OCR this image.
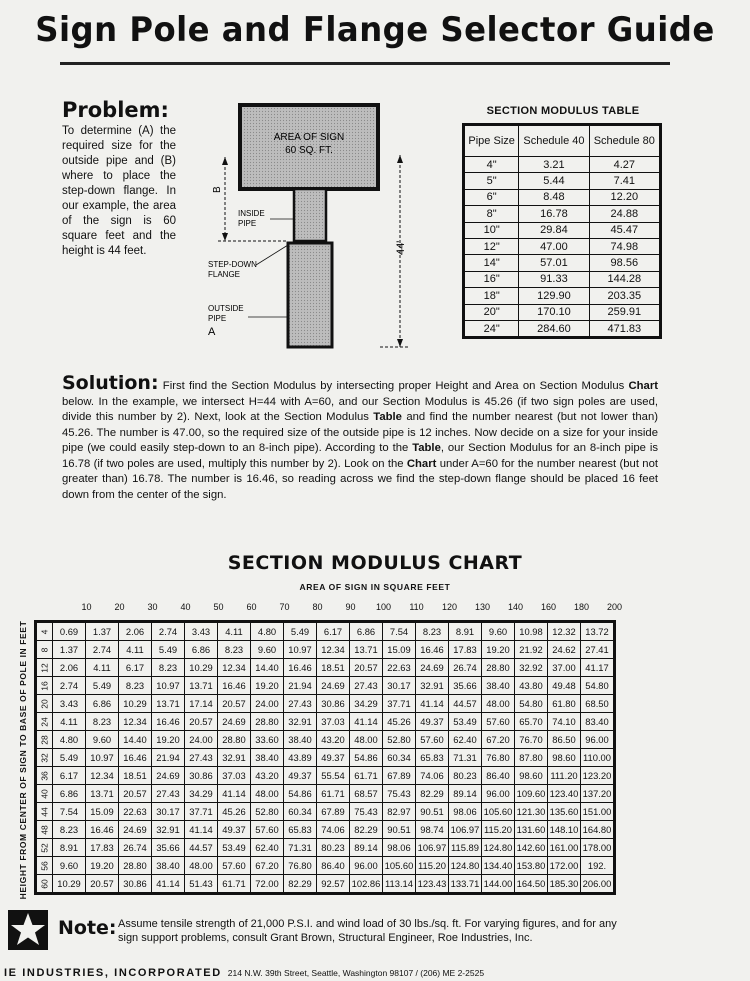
Sign Pole and Flange Selector Guide
Problem:
To determine (A) the required size for the outside pipe and (B) where to place the step-down flange. In our example, the area of the sign is 60 square feet and the height is 44 feet.
AREA OF SIGN
60 SQ. FT.
B
INSIDE
PIPE
STEP-DOWN
FLANGE
OUTSIDE
PIPE
A
44'
SECTION MODULUS TABLE
Pipe Size	Schedule 40	Schedule 80
4"	3.21	4.27
5"	5.44	7.41
6"	8.48	12.20
8"	16.78	24.88
10"	29.84	45.47
12"	47.00	74.98
14"	57.01	98.56
16"	91.33	144.28
18"	129.90	203.35
20"	170.10	259.91
24"	284.60	471.83
Solution: First find the Section Modulus by intersecting proper Height and Area on Section Modulus Chart below. In the example, we intersect H=44 with A=60, and our Section Modulus is 45.26 (if two sign poles are used, divide this number by 2). Next, look at the Section Modulus Table and find the number nearest (but not lower than) 45.26. The number is 47.00, so the required size of the outside pipe is 12 inches. Now decide on a size for your inside pipe (we could easily step-down to an 8-inch pipe). According to the Table, our Section Modulus for an 8-inch pipe is 16.78 (if two poles are used, multiply this number by 2). Look on the Chart under A=60 for the number nearest (but not greater than) 16.78. The number is 16.46, so reading across we find the step-down flange should be placed 16 feet down from the center of the sign.
SECTION MODULUS CHART
AREA OF SIGN IN SQUARE FEET
10	20	30	40	50	60	70	80	90	100	110	120	130	140	160	180	200
HEIGHT FROM CENTER OF SIGN TO BASE OF POLE IN FEET 4	0.69	1.37	2.06	2.74	3.43	4.11	4.80	5.49	6.17	6.86	7.54	8.23	8.91	9.60	10.98	12.32	13.72
8	1.37	2.74	4.11	5.49	6.86	8.23	9.60	10.97	12.34	13.71	15.09	16.46	17.83	19.20	21.92	24.62	27.41
12	2.06	4.11	6.17	8.23	10.29	12.34	14.40	16.46	18.51	20.57	22.63	24.69	26.74	28.80	32.92	37.00	41.17
16	2.74	5.49	8.23	10.97	13.71	16.46	19.20	21.94	24.69	27.43	30.17	32.91	35.66	38.40	43.80	49.48	54.80
20	3.43	6.86	10.29	13.71	17.14	20.57	24.00	27.43	30.86	34.29	37.71	41.14	44.57	48.00	54.80	61.80	68.50
24	4.11	8.23	12.34	16.46	20.57	24.69	28.80	32.91	37.03	41.14	45.26	49.37	53.49	57.60	65.70	74.10	83.40
28	4.80	9.60	14.40	19.20	24.00	28.80	33.60	38.40	43.20	48.00	52.80	57.60	62.40	67.20	76.70	86.50	96.00
32	5.49	10.97	16.46	21.94	27.43	32.91	38.40	43.89	49.37	54.86	60.34	65.83	71.31	76.80	87.80	98.60	110.00
36	6.17	12.34	18.51	24.69	30.86	37.03	43.20	49.37	55.54	61.71	67.89	74.06	80.23	86.40	98.60	111.20	123.20
40	6.86	13.71	20.57	27.43	34.29	41.14	48.00	54.86	61.71	68.57	75.43	82.29	89.14	96.00	109.60	123.40	137.20
44	7.54	15.09	22.63	30.17	37.71	45.26	52.80	60.34	67.89	75.43	82.97	90.51	98.06	105.60	121.30	135.60	151.00
48	8.23	16.46	24.69	32.91	41.14	49.37	57.60	65.83	74.06	82.29	90.51	98.74	106.97	115.20	131.60	148.10	164.80
52	8.91	17.83	26.74	35.66	44.57	53.49	62.40	71.31	80.23	89.14	98.06	106.97	115.89	124.80	142.60	161.00	178.00
56	9.60	19.20	28.80	38.40	48.00	57.60	67.20	76.80	86.40	96.00	105.60	115.20	124.80	134.40	153.80	172.00	192.
60	10.29	20.57	30.86	41.14	51.43	61.71	72.00	82.29	92.57	102.86	113.14	123.43	133.71	144.00	164.50	185.30	206.00
Note: Assume tensile strength of 21,000 P.S.I. and wind load of 30 lbs./sq. ft. For varying figures, and for any sign support problems, consult Grant Brown, Structural Engineer, Roe Industries, Inc.
IE INDUSTRIES, INCORPORATED 214 N.W. 39th Street, Seattle, Washington 98107 / (206) ME 2-2525
